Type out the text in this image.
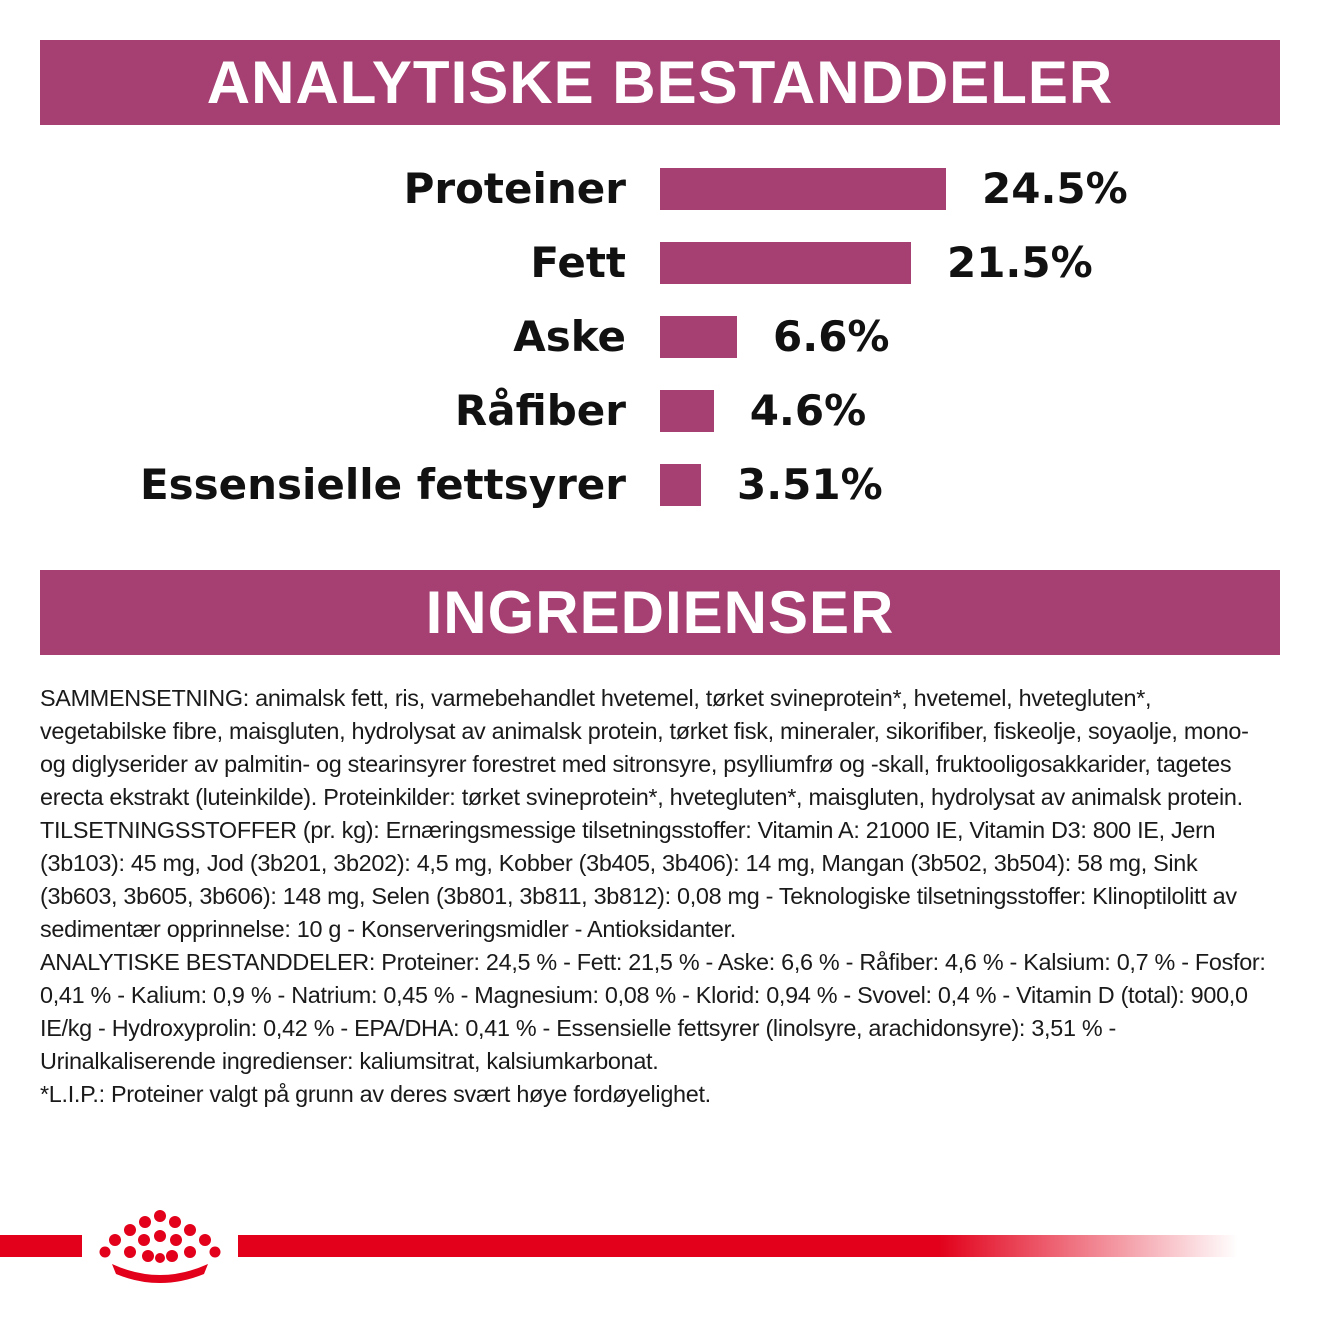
ANALYTISKE BESTANDDELER
Proteiner	24.5%
Fett	21.5%
Aske	6.6%
Råfiber	4.6%
Essensielle fettsyrer	3.51%
INGREDIENSER

SAMMENSETNING: animalsk fett, ris, varmebehandlet hvetemel, tørket svineprotein*, hvetemel, hvetegluten*, vegetabilske fibre, maisgluten, hydrolysat av animalsk protein, tørket fisk, mineraler, sikorifiber, fiskeolje, soyaolje, mono- og diglyserider av palmitin- og stearinsyrer forestret med sitronsyre, psylliumfrø og -skall, fruktooligosakkarider, tagetes erecta ekstrakt (luteinkilde). Proteinkilder: tørket svineprotein*, hvetegluten*, maisgluten, hydrolysat av animalsk protein.

TILSETNINGSSTOFFER (pr. kg): Ernæringsmessige tilsetningsstoffer: Vitamin A: 21000 IE, Vitamin D3: 800 IE, Jern (3b103): 45 mg, Jod (3b201, 3b202): 4,5 mg, Kobber (3b405, 3b406): 14 mg, Mangan (3b502, 3b504): 58 mg, Sink (3b603, 3b605, 3b606): 148 mg, Selen (3b801, 3b811, 3b812): 0,08 mg - Teknologiske tilsetningsstoffer: Klinoptilolitt av sedimentær opprinnelse: 10 g - Konserveringsmidler - Antioksidanter.

ANALYTISKE BESTANDDELER: Proteiner: 24,5 % - Fett: 21,5 % - Aske: 6,6 % - Råfiber: 4,6 % - Kalsium: 0,7 % - Fosfor: 0,41 % - Kalium: 0,9 % - Natrium: 0,45 % - Magnesium: 0,08 % - Klorid: 0,94 % - Svovel: 0,4 % - Vitamin D (total): 900,0 IE/kg - Hydroxyprolin: 0,42 % - EPA/DHA: 0,41 % - Essensielle fettsyrer (linolsyre, arachidonsyre): 3,51 % - Urinalkaliserende ingredienser: kaliumsitrat, kalsiumkarbonat.

*L.I.P.: Proteiner valgt på grunn av deres svært høye fordøyelighet.
